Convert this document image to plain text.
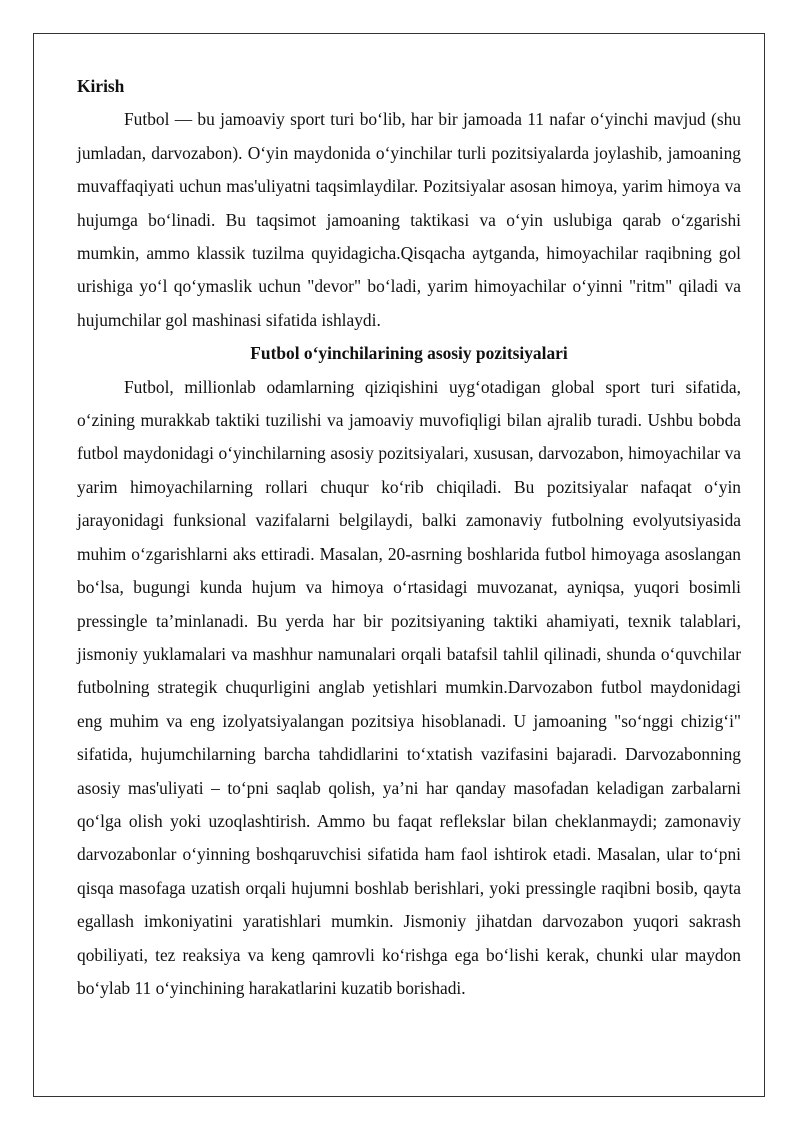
Kirish

Futbol — bu jamoaviy sport turi bo‘lib, har bir jamoada 11 nafar o‘yinchi mavjud (shu jumladan, darvozabon). O‘yin maydonida o‘yinchilar turli pozitsiyalarda joylashib, jamoaning muvaffaqiyati uchun mas'uliyatni taqsimlaydilar. Pozitsiyalar asosan himoya, yarim himoya va hujumga bo‘linadi. Bu taqsimot jamoaning taktikasi va o‘yin uslubiga qarab o‘zgarishi mumkin, ammo klassik tuzilma quyidagicha.Qisqacha aytganda, himoyachilar raqibning gol urishiga yo‘l qo‘ymaslik uchun "devor" bo‘ladi, yarim himoyachilar o‘yinni "ritm" qiladi va hujumchilar gol mashinasi sifatida ishlaydi.

Futbol o‘yinchilarining asosiy pozitsiyalari

Futbol, millionlab odamlarning qiziqishini uyg‘otadigan global sport turi sifatida, o‘zining murakkab taktiki tuzilishi va jamoaviy muvofiqligi bilan ajralib turadi. Ushbu bobda futbol maydonidagi o‘yinchilarning asosiy pozitsiyalari, xususan, darvozabon, himoyachilar va yarim himoyachilarning rollari chuqur ko‘rib chiqiladi. Bu pozitsiyalar nafaqat o‘yin jarayonidagi funksional vazifalarni belgilaydi, balki zamonaviy futbolning evolyutsiyasida muhim o‘zgarishlarni aks ettiradi. Masalan, 20-asrning boshlarida futbol himoyaga asoslangan bo‘lsa, bugungi kunda hujum va himoya o‘rtasidagi muvozanat, ayniqsa, yuqori bosimli pressingle ta’minlanadi. Bu yerda har bir pozitsiyaning taktiki ahamiyati, texnik talablari, jismoniy yuklamalari va mashhur namunalari orqali batafsil tahlil qilinadi, shunda o‘quvchilar futbolning strategik chuqurligini anglab yetishlari mumkin.Darvozabon futbol maydonidagi eng muhim va eng izolyatsiyalangan pozitsiya hisoblanadi. U jamoaning "so‘nggi chizig‘i" sifatida, hujumchilarning barcha tahdidlarini to‘xtatish vazifasini bajaradi. Darvozabonning asosiy mas'uliyati – to‘pni saqlab qolish, ya’ni har qanday masofadan keladigan zarbalarni qo‘lga olish yoki uzoqlashtirish. Ammo bu faqat reflekslar bilan cheklanmaydi; zamonaviy darvozabonlar o‘yinning boshqaruvchisi sifatida ham faol ishtirok etadi. Masalan, ular to‘pni qisqa masofaga uzatish orqali hujumni boshlab berishlari, yoki pressingle raqibni bosib, qayta egallash imkoniyatini yaratishlari mumkin. Jismoniy jihatdan darvozabon yuqori sakrash qobiliyati, tez reaksiya va keng qamrovli ko‘rishga ega bo‘lishi kerak, chunki ular maydon bo‘ylab 11 o‘yinchining harakatlarini kuzatib borishadi.
